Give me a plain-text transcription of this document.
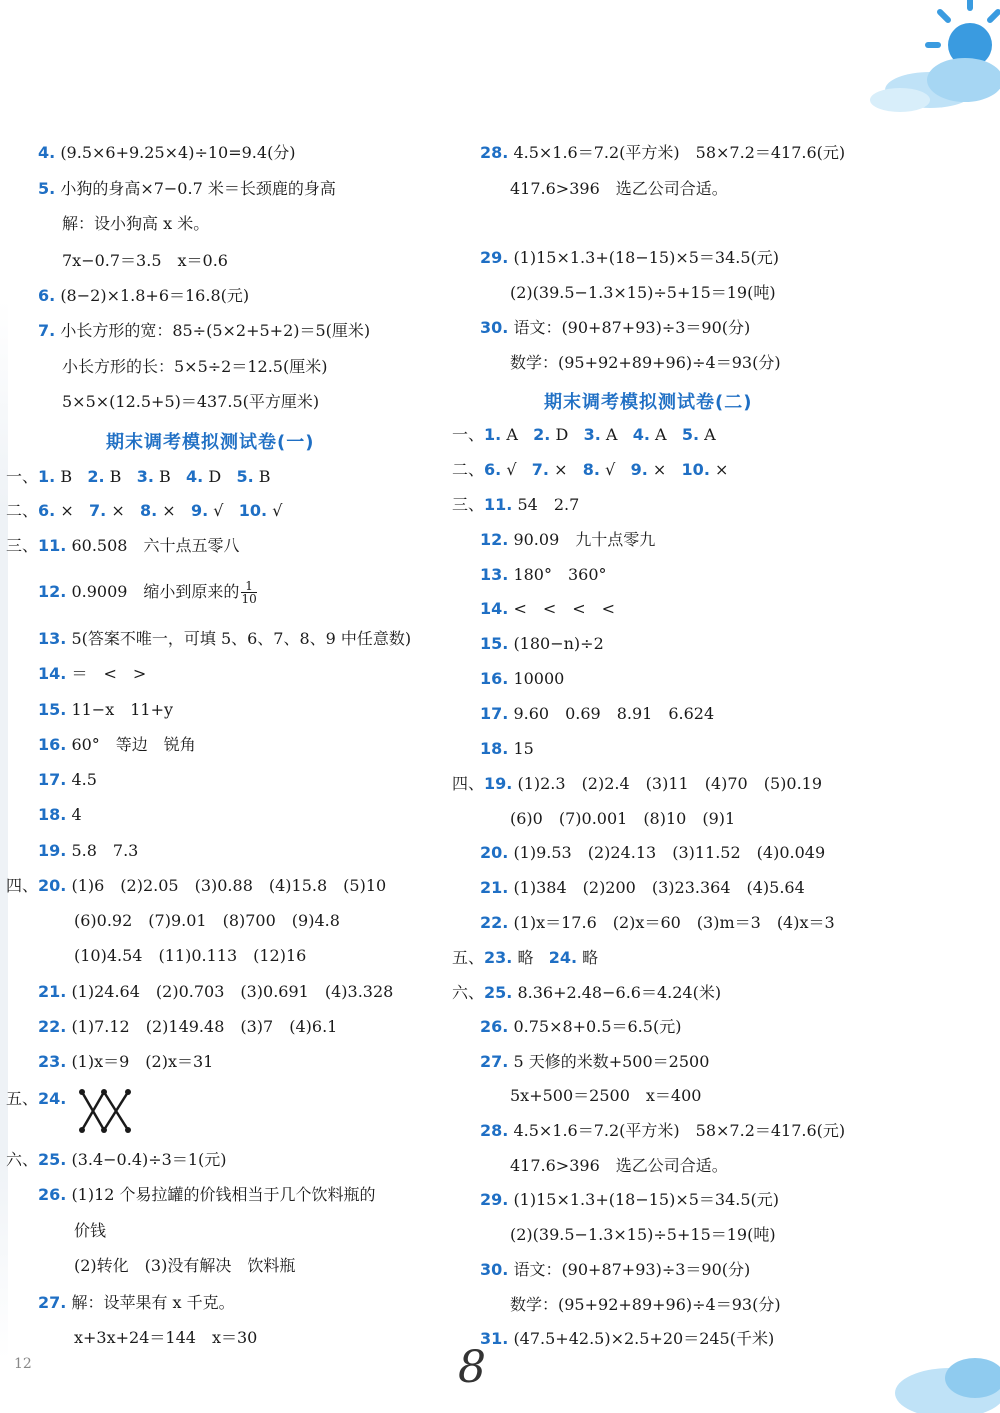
4. (9.5×6+9.25×4)÷10=9.4(分)
5. 小狗的身高×7−0.7 米＝长颈鹿的身高
解：设小狗高 x 米。
7x−0.7＝3.5　x＝0.6
6. (8−2)×1.8+6＝16.8(元)
7. 小长方形的宽：85÷(5×2+5+2)＝5(厘米)
小长方形的长：5×5÷2＝12.5(厘米)
5×5×(12.5+5)＝437.5(平方厘米)
期末调考模拟测试卷(一)
一、1. B 2. B 3. B 4. D 5. B
二、6. × 7. × 8. × 9. √ 10. √
三、11. 60.508　六十点五零八
12. 0.9009　缩小到原来的 $\frac{1}{10}$
13. 5(答案不唯一，可填 5、6、7、8、9 中任意数)
14. ＝　<　>
15. 11−x　11+y
16. 60°　等边　锐角
17. 4.5
18. 4
19. 5.8　7.3
四、20. (1)6　(2)2.05　(3)0.88　(4)15.8　(5)10
(6)0.92　(7)9.01　(8)700　(9)4.8
(10)4.54　(11)0.113　(12)16
21. (1)24.64　(2)0.703　(3)0.691　(4)3.328
22. (1)7.12　(2)149.48　(3)7　(4)6.1
23. (1)x＝9　(2)x＝31
五、24.
六、25. (3.4−0.4)÷3＝1(元)
26. (1)12 个易拉罐的价钱相当于几个饮料瓶的
价钱
(2)转化　(3)没有解决　饮料瓶
27. 解：设苹果有 x 千克。
x+3x+24＝144　x＝30
28. 4.5×1.6＝7.2(平方米)　58×7.2＝417.6(元)
417.6>396　选乙公司合适。
29. (1)15×1.3+(18−15)×5＝34.5(元)
(2)(39.5−1.3×15)÷5+15＝19(吨)
30. 语文：(90+87+93)÷3＝90(分)
数学：(95+92+89+96)÷4＝93(分)
期末调考模拟测试卷(二)
一、1. A 2. D 3. A 4. A 5. A
二、6. √ 7. × 8. √ 9. × 10. ×
三、11. 54　2.7
12. 90.09　九十点零九
13. 180°　360°
14. <　<　<　<
15. (180−n)÷2
16. 10000
17. 9.60　0.69　8.91　6.624
18. 15
四、19. (1)2.3　(2)2.4　(3)11　(4)70　(5)0.19
(6)0　(7)0.001　(8)10　(9)1
20. (1)9.53　(2)24.13　(3)11.52　(4)0.049
21. (1)384　(2)200　(3)23.364　(4)5.64
22. (1)x＝17.6　(2)x＝60　(3)m＝3　(4)x＝3
五、23. 略 24. 略
六、25. 8.36+2.48−6.6＝4.24(米)
26. 0.75×8+0.5＝6.5(元)
27. 5 天修的米数+500＝2500
5x+500＝2500　x＝400
28. 4.5×1.6＝7.2(平方米)　58×7.2＝417.6(元)
417.6>396　选乙公司合适。
29. (1)15×1.3+(18−15)×5＝34.5(元)
(2)(39.5−1.3×15)÷5+15＝19(吨)
30. 语文：(90+87+93)÷3＝90(分)
数学：(95+92+89+96)÷4＝93(分)
31. (47.5+42.5)×2.5+20＝245(千米)
12	8
